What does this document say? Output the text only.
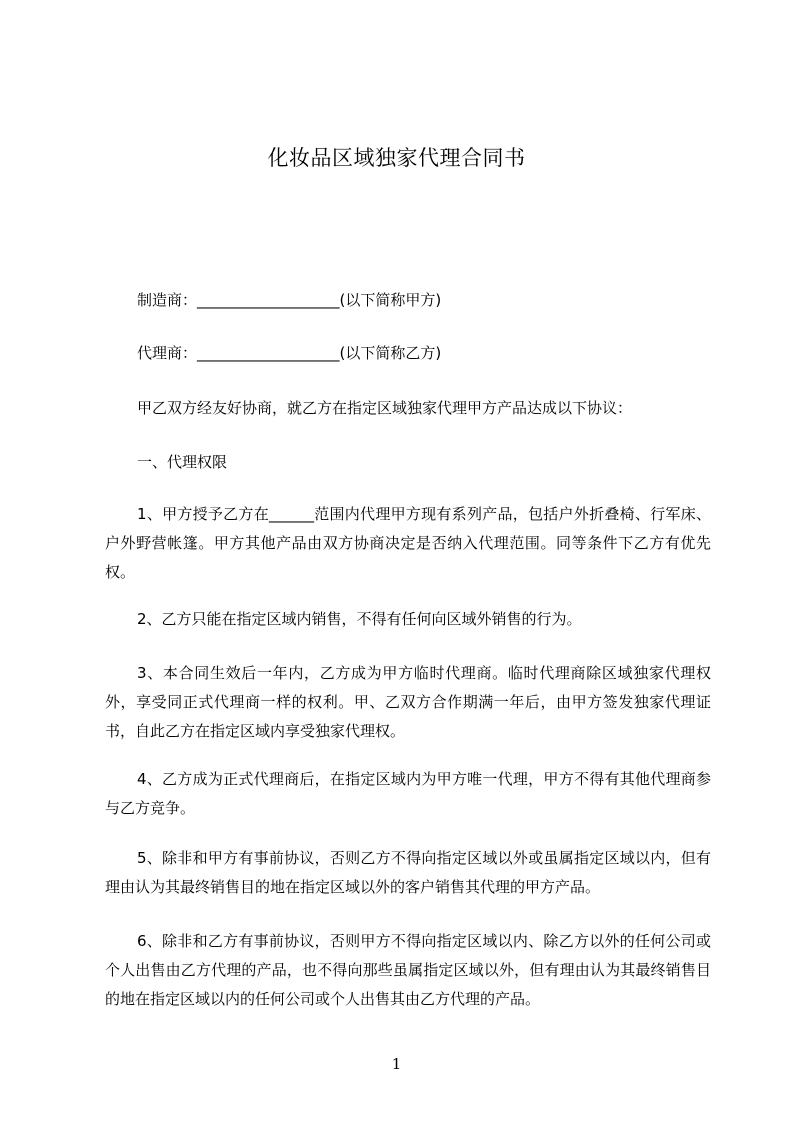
化妆品区域独家代理合同书
制造商：___________________(以下简称甲方)
代理商：___________________(以下简称乙方)
甲乙双方经友好协商，就乙方在指定区域独家代理甲方产品达成以下协议：
一、代理权限
1、甲方授予乙方在______范围内代理甲方现有系列产品，包括户外折叠椅、行军床、户外野营帐篷。甲方其他产品由双方协商决定是否纳入代理范围。同等条件下乙方有优先权。
2、乙方只能在指定区域内销售，不得有任何向区域外销售的行为。
3、本合同生效后一年内，乙方成为甲方临时代理商。临时代理商除区域独家代理权外，享受同正式代理商一样的权利。甲、乙双方合作期满一年后，由甲方签发独家代理证书，自此乙方在指定区域内享受独家代理权。
4、乙方成为正式代理商后，在指定区域内为甲方唯一代理，甲方不得有其他代理商参与乙方竞争。
5、除非和甲方有事前协议，否则乙方不得向指定区域以外或虽属指定区域以内，但有理由认为其最终销售目的地在指定区域以外的客户销售其代理的甲方产品。
6、除非和乙方有事前协议，否则甲方不得向指定区域以内、除乙方以外的任何公司或个人出售由乙方代理的产品，也不得向那些虽属指定区域以外，但有理由认为其最终销售目的地在指定区域以内的任何公司或个人出售其由乙方代理的产品。
1
